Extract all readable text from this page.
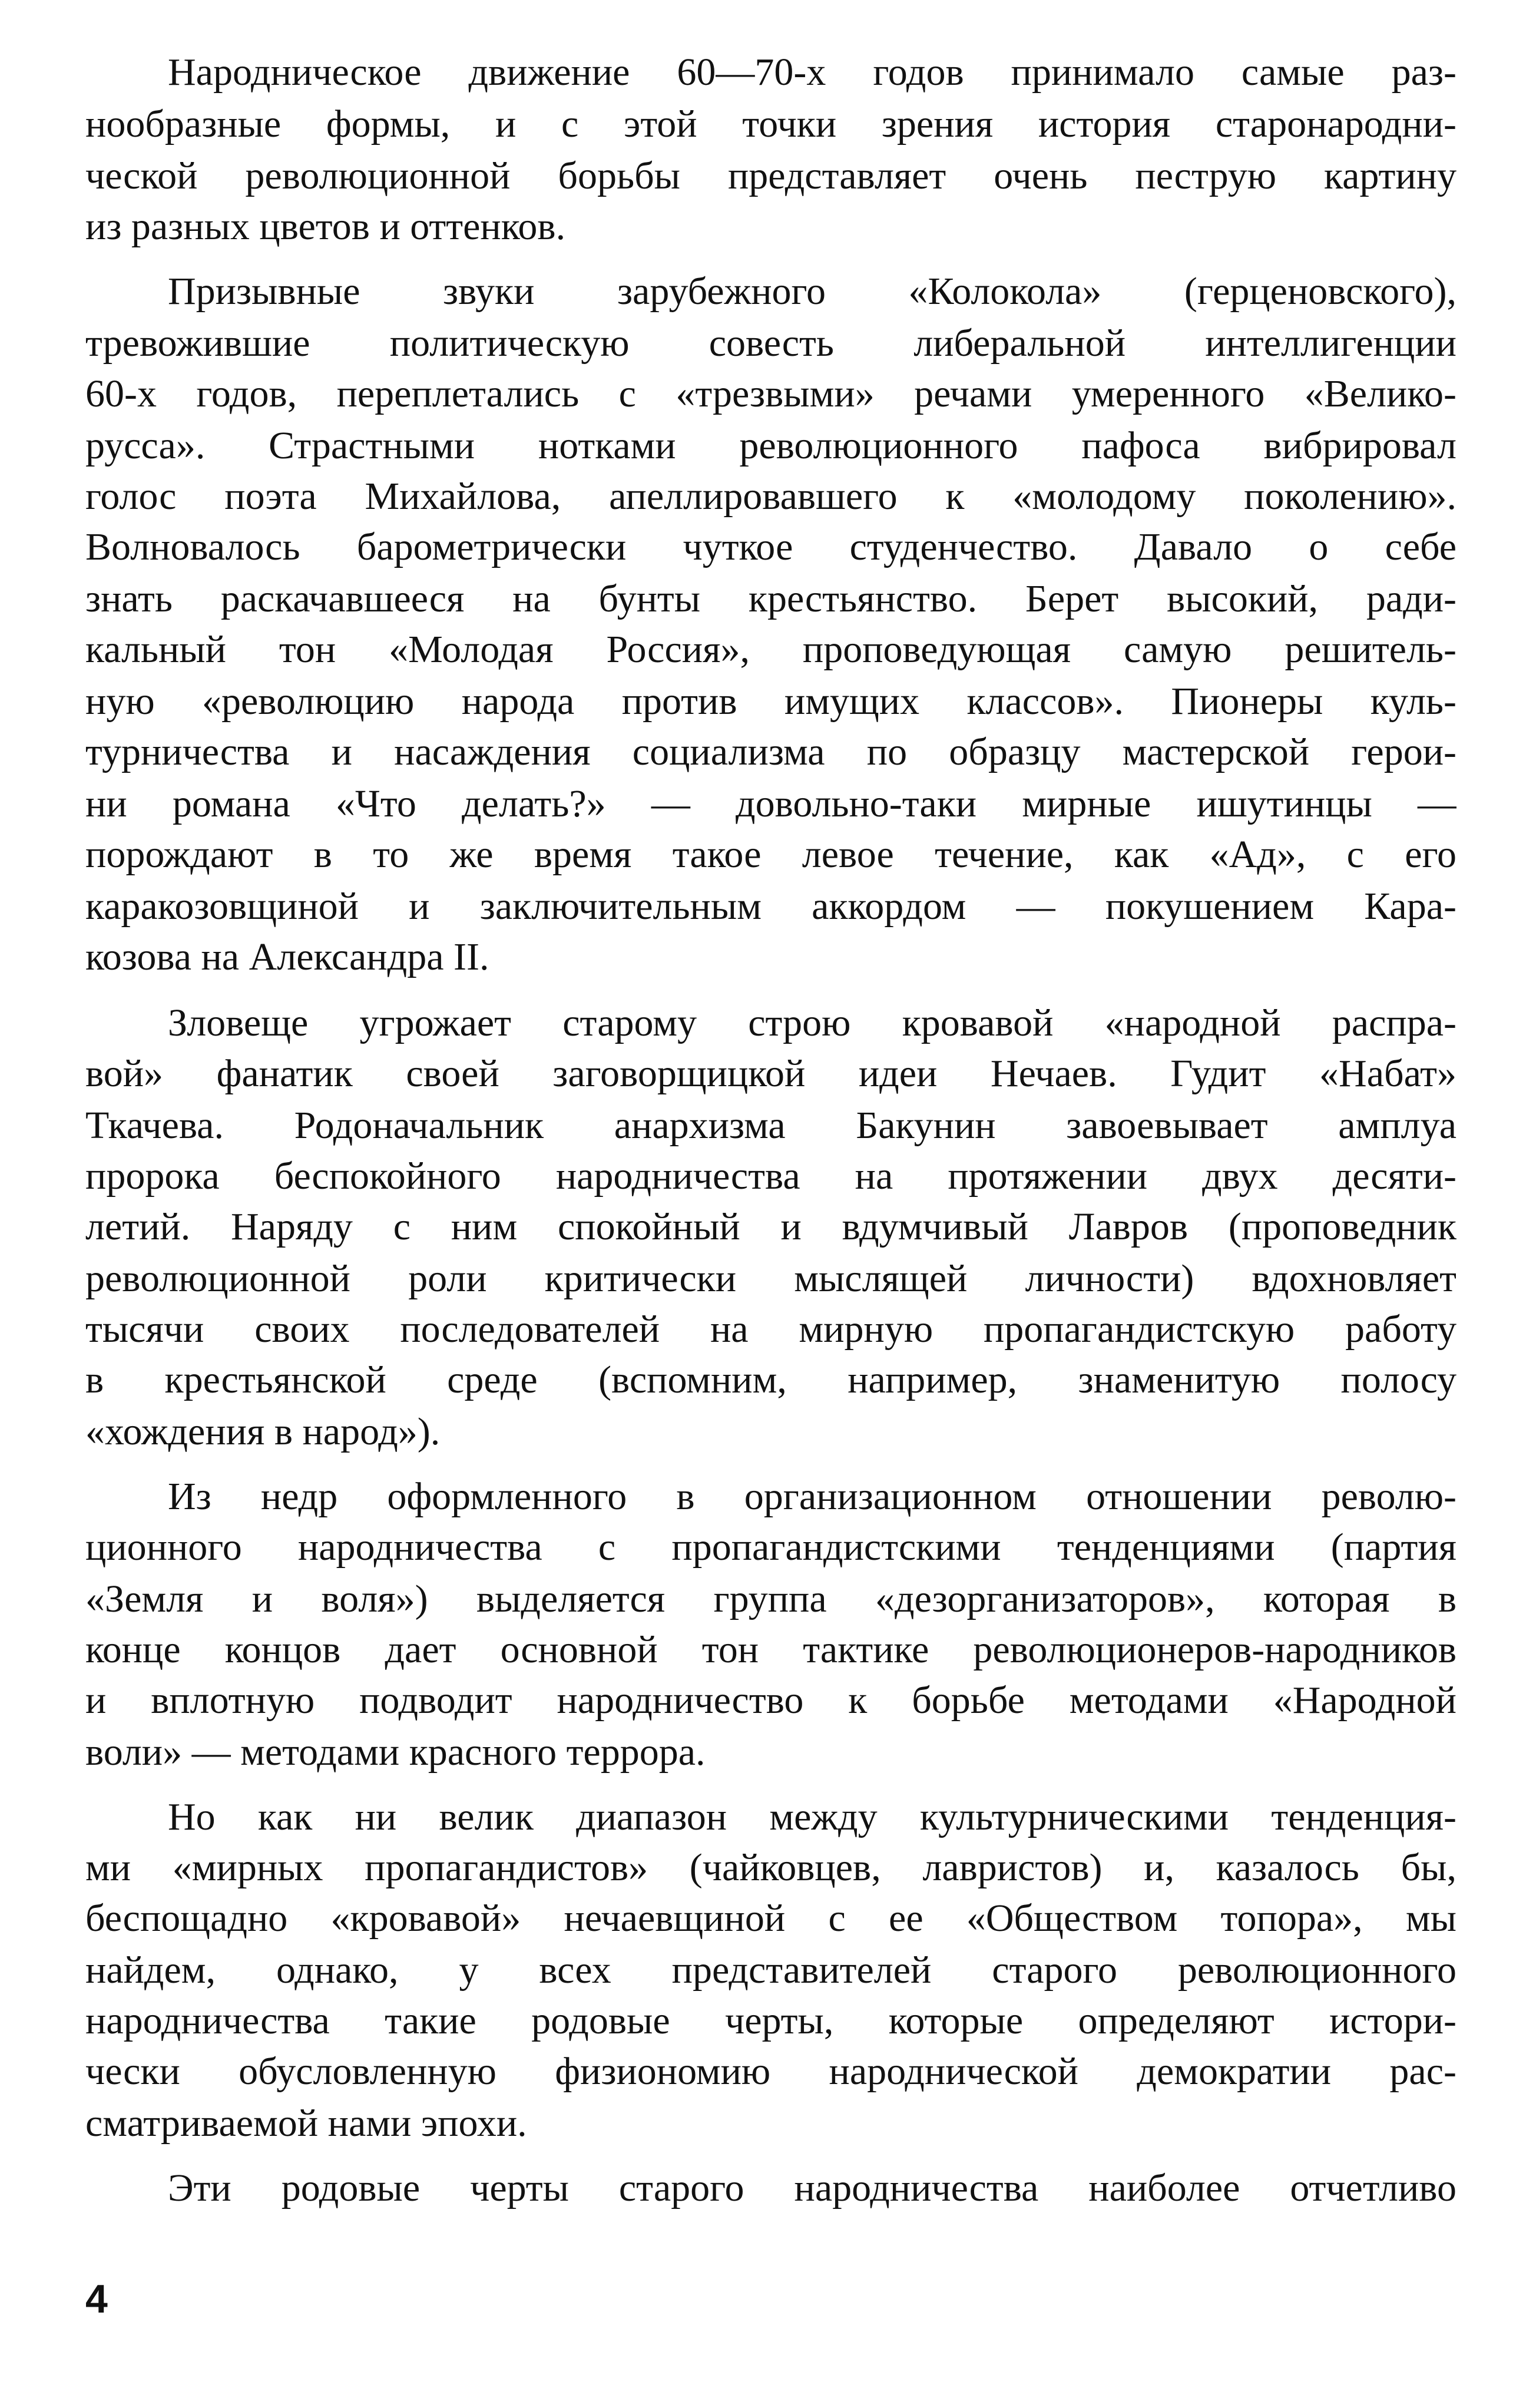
Народническое движение 60—70-х годов принимало самые раз-
нообразные формы, и с этой точки зрения история старонародни-
ческой революционной борьбы представляет очень пеструю картину
из разных цветов и оттенков.
Призывные звуки зарубежного «Колокола» (герценовского),
тревожившие политическую совесть либеральной интеллигенции
60-х годов, переплетались с «трезвыми» речами умеренного «Велико-
русса». Страстными нотками революционного пафоса вибрировал
голос поэта Михайлова, апеллировавшего к «молодому поколению».
Волновалось барометрически чуткое студенчество. Давало о себе
знать раскачавшееся на бунты крестьянство. Берет высокий, ради-
кальный тон «Молодая Россия», проповедующая самую решитель-
ную «революцию народа против имущих классов». Пионеры куль-
турничества и насаждения социализма по образцу мастерской герои-
ни романа «Что делать?» — довольно-таки мирные ишутинцы —
порождают в то же время такое левое течение, как «Ад», с его
каракозовщиной и заключительным аккордом — покушением Кара-
козова на Александра II.
Зловеще угрожает старому строю кровавой «народной распра-
вой» фанатик своей заговорщицкой идеи Нечаев. Гудит «Набат»
Ткачева. Родоначальник анархизма Бакунин завоевывает амплуа
пророка беспокойного народничества на протяжении двух десяти-
летий. Наряду с ним спокойный и вдумчивый Лавров (проповедник
революционной роли критически мыслящей личности) вдохновляет
тысячи своих последователей на мирную пропагандистскую работу
в крестьянской среде (вспомним, например, знаменитую полосу
«хождения в народ»).
Из недр оформленного в организационном отношении револю-
ционного народничества с пропагандистскими тенденциями (партия
«Земля и воля») выделяется группа «дезорганизаторов», которая в
конце концов дает основной тон тактике революционеров-народников
и вплотную подводит народничество к борьбе методами «Народной
воли» — методами красного террора.
Но как ни велик диапазон между культурническими тенденция-
ми «мирных пропагандистов» (чайковцев, лавристов) и, казалось бы,
беспощадно «кровавой» нечаевщиной с ее «Обществом топора», мы
найдем, однако, у всех представителей старого революционного
народничества такие родовые черты, которые определяют истори-
чески обусловленную физиономию народнической демократии рас-
сматриваемой нами эпохи.
Эти родовые черты старого народничества наиболее отчетливо
4
